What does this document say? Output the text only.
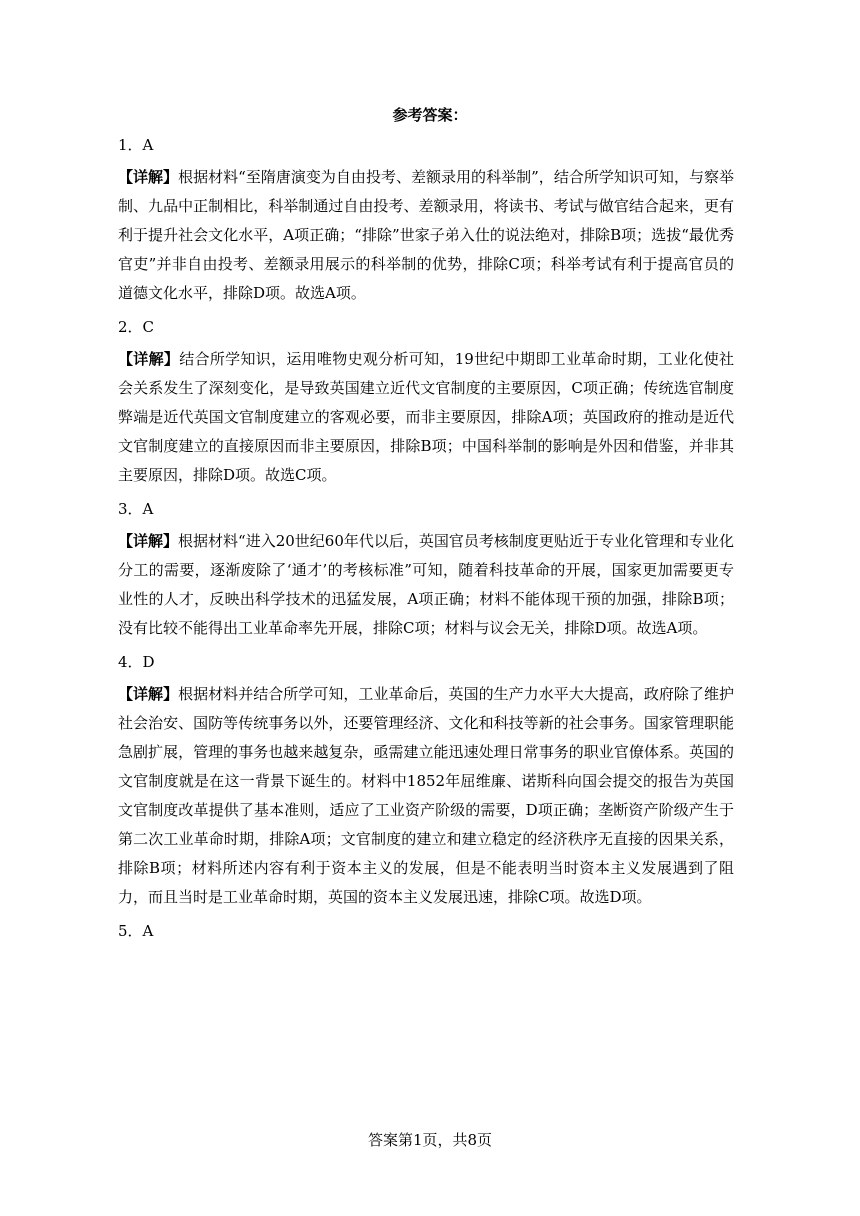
参考答案：
1．A
【详解】根据材料“至隋唐演变为自由投考、差额录用的科举制”，结合所学知识可知，与察举制、九品中正制相比，科举制通过自由投考、差额录用，将读书、考试与做官结合起来，更有利于提升社会文化水平，A项正确；“排除”世家子弟入仕的说法绝对，排除B项；选拔“最优秀官吏”并非自由投考、差额录用展示的科举制的优势，排除C项；科举考试有利于提高官员的道德文化水平，排除D项。故选A项。
2．C
【详解】结合所学知识，运用唯物史观分析可知，19世纪中期即工业革命时期，工业化使社会关系发生了深刻变化，是导致英国建立近代文官制度的主要原因，C项正确；传统选官制度弊端是近代英国文官制度建立的客观必要，而非主要原因，排除A项；英国政府的推动是近代文官制度建立的直接原因而非主要原因，排除B项；中国科举制的影响是外因和借鉴，并非其主要原因，排除D项。故选C项。
3．A
【详解】根据材料“进入20世纪60年代以后，英国官员考核制度更贴近于专业化管理和专业化分工的需要，逐渐废除了‘通才’的考核标准”可知，随着科技革命的开展，国家更加需要更专业性的人才，反映出科学技术的迅猛发展，A项正确；材料不能体现干预的加强，排除B项；没有比较不能得出工业革命率先开展，排除C项；材料与议会无关，排除D项。故选A项。
4．D
【详解】根据材料并结合所学可知，工业革命后，英国的生产力水平大大提高，政府除了维护社会治安、国防等传统事务以外，还要管理经济、文化和科技等新的社会事务。国家管理职能急剧扩展，管理的事务也越来越复杂，亟需建立能迅速处理日常事务的职业官僚体系。英国的文官制度就是在这一背景下诞生的。材料中1852年屈维廉、诺斯科向国会提交的报告为英国文官制度改革提供了基本准则，适应了工业资产阶级的需要，D项正确；垄断资产阶级产生于第二次工业革命时期，排除A项；文官制度的建立和建立稳定的经济秩序无直接的因果关系，排除B项；材料所述内容有利于资本主义的发展，但是不能表明当时资本主义发展遇到了阻力，而且当时是工业革命时期，英国的资本主义发展迅速，排除C项。故选D项。
5．A
答案第1页，共8页
